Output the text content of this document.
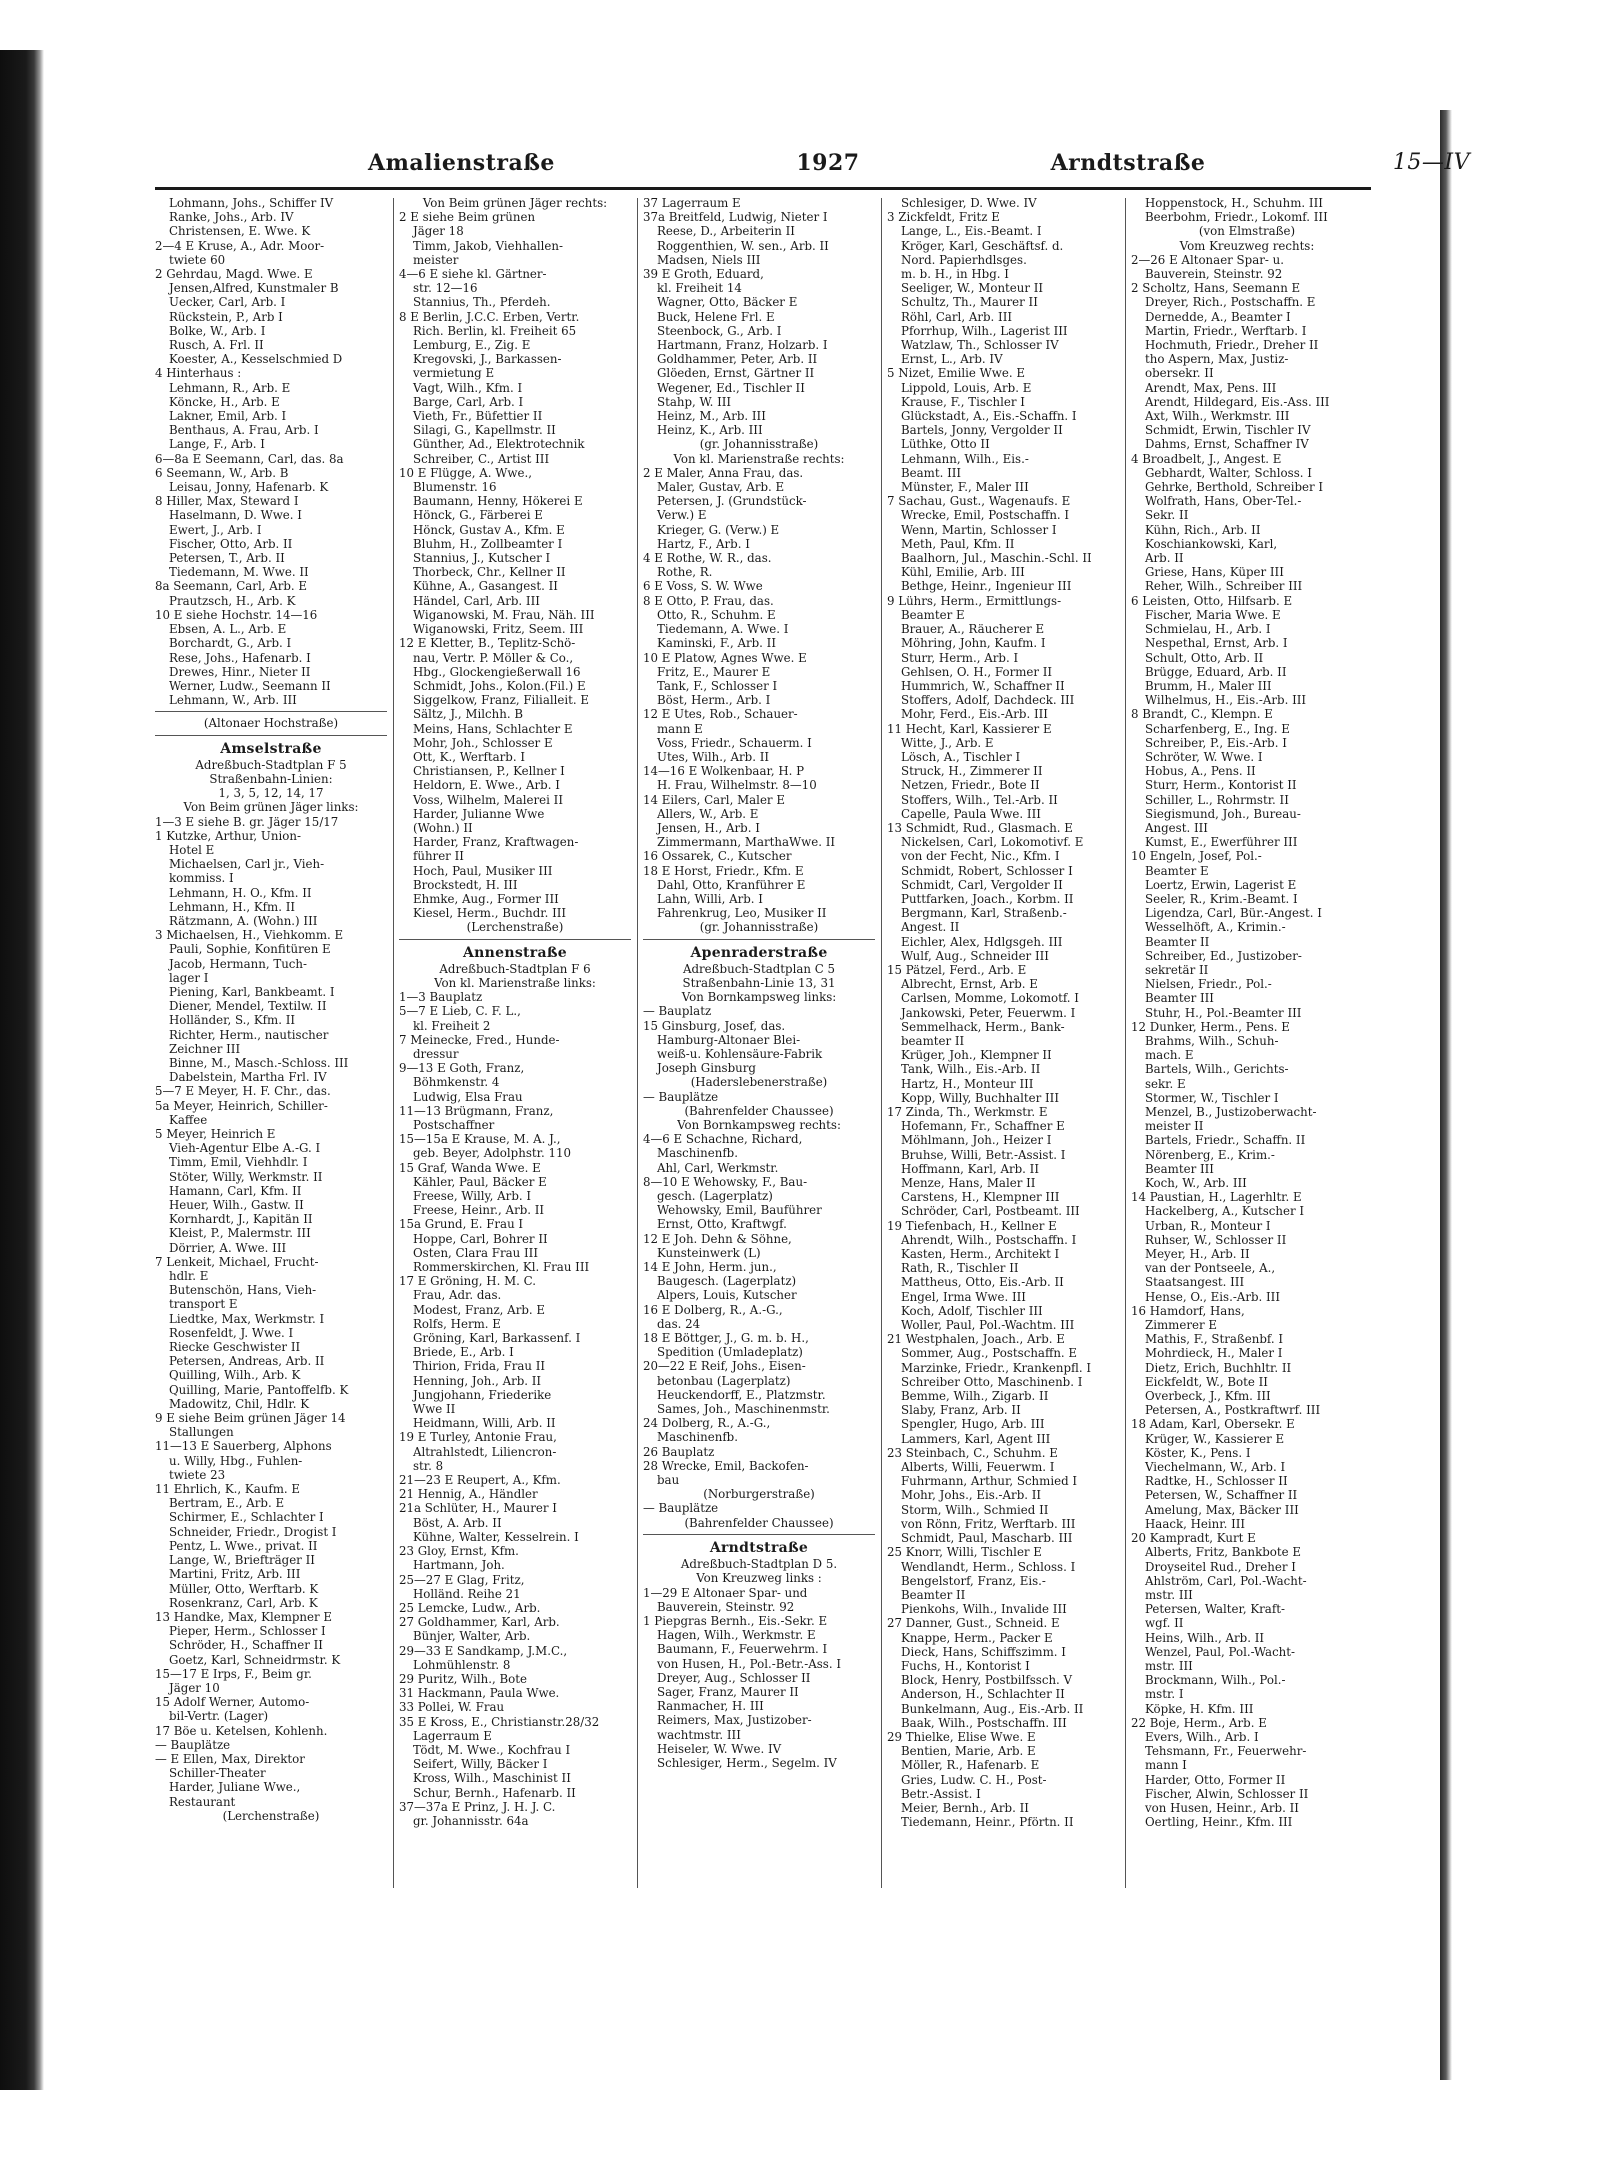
Amalienstraße	1927	Arndtstraße	15—IV
Lohmann, Johs., Schiffer IV
Ranke, Johs., Arb. IV
Christensen, E. Wwe. K
2—4 E Kruse, A., Adr. Moor-
twiete 60
2 Gehrdau, Magd. Wwe. E
Jensen,Alfred, Kunstmaler B
Uecker, Carl, Arb. I
Rückstein, P., Arb I
Bolke, W., Arb. I
Rusch, A. Frl. II
Koester, A., Kesselschmied D
4 Hinterhaus :
Lehmann, R., Arb. E
Köncke, H., Arb. E
Lakner, Emil, Arb. I
Benthaus, A. Frau, Arb. I
Lange, F., Arb. I
6—8a E Seemann, Carl, das. 8a
6 Seemann, W., Arb. B
Leisau, Jonny, Hafenarb. K
8 Hiller, Max, Steward I
Haselmann, D. Wwe. I
Ewert, J., Arb. I
Fischer, Otto, Arb. II
Petersen, T., Arb. II
Tiedemann, M. Wwe. II
8a Seemann, Carl, Arb. E
Prautzsch, H., Arb. K
10 E siehe Hochstr. 14—16
Ebsen, A. L., Arb. E
Borchardt, G., Arb. I
Rese, Johs., Hafenarb. I
Drewes, Hinr., Nieter II
Werner, Ludw., Seemann II
Lehmann, W., Arb. III
(Altonaer Hochstraße)
Amselstraße
Adreßbuch-Stadtplan F 5
Straßenbahn-Linien:
1, 3, 5, 12, 14, 17
Von Beim grünen Jäger links:
1—3 E siehe B. gr. Jäger 15/17
1 Kutzke, Arthur, Union-
Hotel E
Michaelsen, Carl jr., Vieh-
kommiss. I
Lehmann, H. O., Kfm. II
Lehmann, H., Kfm. II
Rätzmann, A. (Wohn.) III
3 Michaelsen, H., Viehkomm. E
Pauli, Sophie, Konfitüren E
Jacob, Hermann, Tuch-
lager I
Piening, Karl, Bankbeamt. I
Diener, Mendel, Textilw. II
Holländer, S., Kfm. II
Richter, Herm., nautischer
Zeichner III
Binne, M., Masch.-Schloss. III
Dabelstein, Martha Frl. IV
5—7 E Meyer, H. F. Chr., das.
5a Meyer, Heinrich, Schiller-
Kaffee
5 Meyer, Heinrich E
Vieh-Agentur Elbe A.-G. I
Timm, Emil, Viehhdlr. I
Stöter, Willy, Werkmstr. II
Hamann, Carl, Kfm. II
Heuer, Wilh., Gastw. II
Kornhardt, J., Kapitän II
Kleist, P., Malermstr. III
Dörrier, A. Wwe. III
7 Lenkeit, Michael, Frucht-
hdlr. E
Butenschön, Hans, Vieh-
transport E
Liedtke, Max, Werkmstr. I
Rosenfeldt, J. Wwe. I
Riecke Geschwister II
Petersen, Andreas, Arb. II
Quilling, Wilh., Arb. K
Quilling, Marie, Pantoffelfb. K
Madowitz, Chil, Hdlr. K
9 E siehe Beim grünen Jäger 14
Stallungen
11—13 E Sauerberg, Alphons
u. Willy, Hbg., Fuhlen-
twiete 23
11 Ehrlich, K., Kaufm. E
Bertram, E., Arb. E
Schirmer, E., Schlachter I
Schneider, Friedr., Drogist I
Pentz, L. Wwe., privat. II
Lange, W., Briefträger II
Martini, Fritz, Arb. III
Müller, Otto, Werftarb. K
Rosenkranz, Carl, Arb. K
13 Handke, Max, Klempner E
Pieper, Herm., Schlosser I
Schröder, H., Schaffner II
Goetz, Karl, Schneidrmstr. K
15—17 E Irps, F., Beim gr.
Jäger 10
15 Adolf Werner, Automo-
bil-Vertr. (Lager)
17 Böe u. Ketelsen, Kohlenh.
— Bauplätze
— E Ellen, Max, Direktor
Schiller-Theater
Harder, Juliane Wwe.,
Restaurant
(Lerchenstraße)
Von Beim grünen Jäger rechts:
2 E siehe Beim grünen
Jäger 18
Timm, Jakob, Viehhallen-
meister
4—6 E siehe kl. Gärtner-
str. 12—16
Stannius, Th., Pferdeh.
8 E Berlin, J.C.C. Erben, Vertr.
Rich. Berlin, kl. Freiheit 65
Lemburg, E., Zig. E
Kregovski, J., Barkassen-
vermietung E
Vagt, Wilh., Kfm. I
Barge, Carl, Arb. I
Vieth, Fr., Büfettier II
Silagi, G., Kapellmstr. II
Günther, Ad., Elektrotechnik
Schreiber, C., Artist III
10 E Flügge, A. Wwe.,
Blumenstr. 16
Baumann, Henny, Hökerei E
Hönck, G., Färberei E
Hönck, Gustav A., Kfm. E
Bluhm, H., Zollbeamter I
Stannius, J., Kutscher I
Thorbeck, Chr., Kellner II
Kühne, A., Gasangest. II
Händel, Carl, Arb. III
Wiganowski, M. Frau, Näh. III
Wiganowski, Fritz, Seem. III
12 E Kletter, B., Teplitz-Schö-
nau, Vertr. P. Möller & Co.,
Hbg., Glockengießerwall 16
Schmidt, Johs., Kolon.(Fil.) E
Siggelkow, Franz, Filialleit. E
Sältz, J., Milchh. B
Meins, Hans, Schlachter E
Mohr, Joh., Schlosser E
Ott, K., Werftarb. I
Christiansen, P., Kellner I
Heldorn, E. Wwe., Arb. I
Voss, Wilhelm, Malerei II
Harder, Julianne Wwe
(Wohn.) II
Harder, Franz, Kraftwagen-
führer II
Hoch, Paul, Musiker III
Brockstedt, H. III
Ehmke, Aug., Former III
Kiesel, Herm., Buchdr. III
(Lerchenstraße)
Annenstraße
Adreßbuch-Stadtplan F 6
Von kl. Marienstraße links:
1—3 Bauplatz
5—7 E Lieb, C. F. L.,
kl. Freiheit 2
7 Meinecke, Fred., Hunde-
dressur
9—13 E Goth, Franz,
Böhmkenstr. 4
Ludwig, Elsa Frau
11—13 Brügmann, Franz,
Postschaffner
15—15a E Krause, M. A. J.,
geb. Beyer, Adolphstr. 110
15 Graf, Wanda Wwe. E
Kähler, Paul, Bäcker E
Freese, Willy, Arb. I
Freese, Heinr., Arb. II
15a Grund, E. Frau I
Hoppe, Carl, Bohrer II
Osten, Clara Frau III
Rommerskirchen, Kl. Frau III
17 E Gröning, H. M. C.
Frau, Adr. das.
Modest, Franz, Arb. E
Rolfs, Herm. E
Gröning, Karl, Barkassenf. I
Briede, E., Arb. I
Thirion, Frida, Frau II
Henning, Joh., Arb. II
Jungjohann, Friederike
Wwe II
Heidmann, Willi, Arb. II
19 E Turley, Antonie Frau,
Altrahlstedt, Liliencron-
str. 8
21—23 E Reupert, A., Kfm.
21 Hennig, A., Händler
21a Schlüter, H., Maurer I
Böst, A. Arb. II
Kühne, Walter, Kesselrein. I
23 Gloy, Ernst, Kfm.
Hartmann, Joh.
25—27 E Glag, Fritz,
Holländ. Reihe 21
25 Lemcke, Ludw., Arb.
27 Goldhammer, Karl, Arb.
Bünjer, Walter, Arb.
29—33 E Sandkamp, J.M.C.,
Lohmühlenstr. 8
29 Puritz, Wilh., Bote
31 Hackmann, Paula Wwe.
33 Pollei, W. Frau
35 E Kross, E., Christianstr.28/32
Lagerraum E
Tödt, M. Wwe., Kochfrau I
Seifert, Willy, Bäcker I
Kross, Wilh., Maschinist II
Schur, Bernh., Hafenarb. II
37—37a E Prinz, J. H. J. C.
gr. Johannisstr. 64a
37 Lagerraum E
37a Breitfeld, Ludwig, Nieter I
Reese, D., Arbeiterin II
Roggenthien, W. sen., Arb. II
Madsen, Niels III
39 E Groth, Eduard,
kl. Freiheit 14
Wagner, Otto, Bäcker E
Buck, Helene Frl. E
Steenbock, G., Arb. I
Hartmann, Franz, Holzarb. I
Goldhammer, Peter, Arb. II
Glöeden, Ernst, Gärtner II
Wegener, Ed., Tischler II
Stahp, W. III
Heinz, M., Arb. III
Heinz, K., Arb. III
(gr. Johannisstraße)
Von kl. Marienstraße rechts:
2 E Maler, Anna Frau, das.
Maler, Gustav, Arb. E
Petersen, J. (Grundstück-
Verw.) E
Krieger, G. (Verw.) E
Hartz, F., Arb. I
4 E Rothe, W. R., das.
Rothe, R.
6 E Voss, S. W. Wwe
8 E Otto, P. Frau, das.
Otto, R., Schuhm. E
Tiedemann, A. Wwe. I
Kaminski, F., Arb. II
10 E Platow, Agnes Wwe. E
Fritz, E., Maurer E
Tank, F., Schlosser I
Böst, Herm., Arb. I
12 E Utes, Rob., Schauer-
mann E
Voss, Friedr., Schauerm. I
Utes, Wilh., Arb. II
14—16 E Wolkenbaar, H. P
H. Frau, Wilhelmstr. 8—10
14 Eilers, Carl, Maler E
Allers, W., Arb. E
Jensen, H., Arb. I
Zimmermann, MarthaWwe. II
16 Ossarek, C., Kutscher
18 E Horst, Friedr., Kfm. E
Dahl, Otto, Kranführer E
Lahn, Willi, Arb. I
Fahrenkrug, Leo, Musiker II
(gr. Johannisstraße)
Apenraderstraße
Adreßbuch-Stadtplan C 5
Straßenbahn-Linie 13, 31
Von Bornkampsweg links:
— Bauplatz
15 Ginsburg, Josef, das.
Hamburg-Altonaer Blei-
weiß-u. Kohlensäure-Fabrik
Joseph Ginsburg
(Haderslebenerstraße)
— Bauplätze
(Bahrenfelder Chaussee)
Von Bornkampsweg rechts:
4—6 E Schachne, Richard,
Maschinenfb.
Ahl, Carl, Werkmstr.
8—10 E Wehowsky, F., Bau-
gesch. (Lagerplatz)
Wehowsky, Emil, Bauführer
Ernst, Otto, Kraftwgf.
12 E Joh. Dehn & Söhne,
Kunsteinwerk (L)
14 E John, Herm. jun.,
Baugesch. (Lagerplatz)
Alpers, Louis, Kutscher
16 E Dolberg, R., A.-G.,
das. 24
18 E Böttger, J., G. m. b. H.,
Spedition (Umladeplatz)
20—22 E Reif, Johs., Eisen-
betonbau (Lagerplatz)
Heuckendorff, E., Platzmstr.
Sames, Joh., Maschinenmstr.
24 Dolberg, R., A.-G.,
Maschinenfb.
26 Bauplatz
28 Wrecke, Emil, Backofen-
bau
(Norburgerstraße)
— Bauplätze
(Bahrenfelder Chaussee)
Arndtstraße
Adreßbuch-Stadtplan D 5.
Von Kreuzweg links :
1—29 E Altonaer Spar- und
Bauverein, Steinstr. 92
1 Piepgras Bernh., Eis.-Sekr. E
Hagen, Wilh., Werkmstr. E
Baumann, F., Feuerwehrm. I
von Husen, H., Pol.-Betr.-Ass. I
Dreyer, Aug., Schlosser II
Sager, Franz, Maurer II
Ranmacher, H. III
Reimers, Max, Justizober-
wachtmstr. III
Heiseler, W. Wwe. IV
Schlesiger, Herm., Segelm. IV
Schlesiger, D. Wwe. IV
3 Zickfeldt, Fritz E
Lange, L., Eis.-Beamt. I
Kröger, Karl, Geschäftsf. d.
Nord. Papierhdlsges.
m. b. H., in Hbg. I
Seeliger, W., Monteur II
Schultz, Th., Maurer II
Röhl, Carl, Arb. III
Pforrhup, Wilh., Lagerist III
Watzlaw, Th., Schlosser IV
Ernst, L., Arb. IV
5 Nizet, Emilie Wwe. E
Lippold, Louis, Arb. E
Krause, F., Tischler I
Glückstadt, A., Eis.-Schaffn. I
Bartels, Jonny, Vergolder II
Lüthke, Otto II
Lehmann, Wilh., Eis.-
Beamt. III
Münster, F., Maler III
7 Sachau, Gust., Wagenaufs. E
Wrecke, Emil, Postschaffn. I
Wenn, Martin, Schlosser I
Meth, Paul, Kfm. II
Baalhorn, Jul., Maschin.-Schl. II
Kühl, Emilie, Arb. III
Bethge, Heinr., Ingenieur III
9 Lührs, Herm., Ermittlungs-
Beamter E
Brauer, A., Räucherer E
Möhring, John, Kaufm. I
Sturr, Herm., Arb. I
Gehlsen, O. H., Former II
Hummrich, W., Schaffner II
Stoffers, Adolf, Dachdeck. III
Mohr, Ferd., Eis.-Arb. III
11 Hecht, Karl, Kassierer E
Witte, J., Arb. E
Lösch, A., Tischler I
Struck, H., Zimmerer II
Netzen, Friedr., Bote II
Stoffers, Wilh., Tel.-Arb. II
Capelle, Paula Wwe. III
13 Schmidt, Rud., Glasmach. E
Nickelsen, Carl, Lokomotivf. E
von der Fecht, Nic., Kfm. I
Schmidt, Robert, Schlosser I
Schmidt, Carl, Vergolder II
Puttfarken, Joach., Korbm. II
Bergmann, Karl, Straßenb.-
Angest. II
Eichler, Alex, Hdlgsgeh. III
Wulf, Aug., Schneider III
15 Pätzel, Ferd., Arb. E
Albrecht, Ernst, Arb. E
Carlsen, Momme, Lokomotf. I
Jankowski, Peter, Feuerwm. I
Semmelhack, Herm., Bank-
beamter II
Krüger, Joh., Klempner II
Tank, Wilh., Eis.-Arb. II
Hartz, H., Monteur III
Kopp, Willy, Buchhalter III
17 Zinda, Th., Werkmstr. E
Hofemann, Fr., Schaffner E
Möhlmann, Joh., Heizer I
Bruhse, Willi, Betr.-Assist. I
Hoffmann, Karl, Arb. II
Menze, Hans, Maler II
Carstens, H., Klempner III
Schröder, Carl, Postbeamt. III
19 Tiefenbach, H., Kellner E
Ahrendt, Wilh., Postschaffn. I
Kasten, Herm., Architekt I
Rath, R., Tischler II
Mattheus, Otto, Eis.-Arb. II
Engel, Irma Wwe. III
Koch, Adolf, Tischler III
Woller, Paul, Pol.-Wachtm. III
21 Westphalen, Joach., Arb. E
Sommer, Aug., Postschaffn. E
Marzinke, Friedr., Krankenpfl. I
Schreiber Otto, Maschinenb. I
Bemme, Wilh., Zigarb. II
Slaby, Franz, Arb. II
Spengler, Hugo, Arb. III
Lammers, Karl, Agent III
23 Steinbach, C., Schuhm. E
Alberts, Willi, Feuerwm. I
Fuhrmann, Arthur, Schmied I
Mohr, Johs., Eis.-Arb. II
Storm, Wilh., Schmied II
von Rönn, Fritz, Werftarb. III
Schmidt, Paul, Mascharb. III
25 Knorr, Willi, Tischler E
Wendlandt, Herm., Schloss. I
Bengelstorf, Franz, Eis.-
Beamter II
Pienkohs, Wilh., Invalide III
27 Danner, Gust., Schneid. E
Knappe, Herm., Packer E
Dieck, Hans, Schiffszimm. I
Fuchs, H., Kontorist I
Block, Henry, Postbilfssch. V
Anderson, H., Schlachter II
Bunkelmann, Aug., Eis.-Arb. II
Baak, Wilh., Postschaffn. III
29 Thielke, Elise Wwe. E
Bentien, Marie, Arb. E
Möller, R., Hafenarb. E
Gries, Ludw. C. H., Post-
Betr.-Assist. I
Meier, Bernh., Arb. II
Tiedemann, Heinr., Pförtn. II
Hoppenstock, H., Schuhm. III
Beerbohm, Friedr., Lokomf. III
(von Elmstraße)
Vom Kreuzweg rechts:
2—26 E Altonaer Spar- u.
Bauverein, Steinstr. 92
2 Scholtz, Hans, Seemann E
Dreyer, Rich., Postschaffn. E
Dernedde, A., Beamter I
Martin, Friedr., Werftarb. I
Hochmuth, Friedr., Dreher II
tho Aspern, Max, Justiz-
obersekr. II
Arendt, Max, Pens. III
Arendt, Hildegard, Eis.-Ass. III
Axt, Wilh., Werkmstr. III
Schmidt, Erwin, Tischler IV
Dahms, Ernst, Schaffner IV
4 Broadbelt, J., Angest. E
Gebhardt, Walter, Schloss. I
Gehrke, Berthold, Schreiber I
Wolfrath, Hans, Ober-Tel.-
Sekr. II
Kühn, Rich., Arb. II
Koschiankowski, Karl,
Arb. II
Griese, Hans, Küper III
Reher, Wilh., Schreiber III
6 Leisten, Otto, Hilfsarb. E
Fischer, Maria Wwe. E
Schmielau, H., Arb. I
Nespethal, Ernst, Arb. I
Schult, Otto, Arb. II
Brügge, Eduard, Arb. II
Brumm, H., Maler III
Wilhelmus, H., Eis.-Arb. III
8 Brandt, C., Klempn. E
Scharfenberg, E., Ing. E
Schreiber, P., Eis.-Arb. I
Schröter, W. Wwe. I
Hobus, A., Pens. II
Sturr, Herm., Kontorist II
Schiller, L., Rohrmstr. II
Siegismund, Joh., Bureau-
Angest. III
Kumst, E., Ewerführer III
10 Engeln, Josef, Pol.-
Beamter E
Loertz, Erwin, Lagerist E
Seeler, R., Krim.-Beamt. I
Ligendza, Carl, Bür.-Angest. I
Wesselhöft, A., Krimin.-
Beamter II
Schreiber, Ed., Justizober-
sekretär II
Nielsen, Friedr., Pol.-
Beamter III
Stuhr, H., Pol.-Beamter III
12 Dunker, Herm., Pens. E
Brahms, Wilh., Schuh-
mach. E
Bartels, Wilh., Gerichts-
sekr. E
Stormer, W., Tischler I
Menzel, B., Justizoberwacht-
meister II
Bartels, Friedr., Schaffn. II
Nörenberg, E., Krim.-
Beamter III
Koch, W., Arb. III
14 Paustian, H., Lagerhltr. E
Hackelberg, A., Kutscher I
Urban, R., Monteur I
Ruhser, W., Schlosser II
Meyer, H., Arb. II
van der Pontseele, A.,
Staatsangest. III
Hense, O., Eis.-Arb. III
16 Hamdorf, Hans,
Zimmerer E
Mathis, F., Straßenbf. I
Mohrdieck, H., Maler I
Dietz, Erich, Buchhltr. II
Eickfeldt, W., Bote II
Overbeck, J., Kfm. III
Petersen, A., Postkraftwrf. III
18 Adam, Karl, Obersekr. E
Krüger, W., Kassierer E
Köster, K., Pens. I
Viechelmann, W., Arb. I
Radtke, H., Schlosser II
Petersen, W., Schaffner II
Amelung, Max, Bäcker III
Haack, Heinr. III
20 Kampradt, Kurt E
Alberts, Fritz, Bankbote E
Droyseitel Rud., Dreher I
Ahlström, Carl, Pol.-Wacht-
mstr. III
Petersen, Walter, Kraft-
wgf. II
Heins, Wilh., Arb. II
Wenzel, Paul, Pol.-Wacht-
mstr. III
Brockmann, Wilh., Pol.-
mstr. I
Köpke, H. Kfm. III
22 Boje, Herm., Arb. E
Evers, Wilh., Arb. I
Tehsmann, Fr., Feuerwehr-
mann I
Harder, Otto, Former II
Fischer, Alwin, Schlosser II
von Husen, Heinr., Arb. II
Oertling, Heinr., Kfm. III
